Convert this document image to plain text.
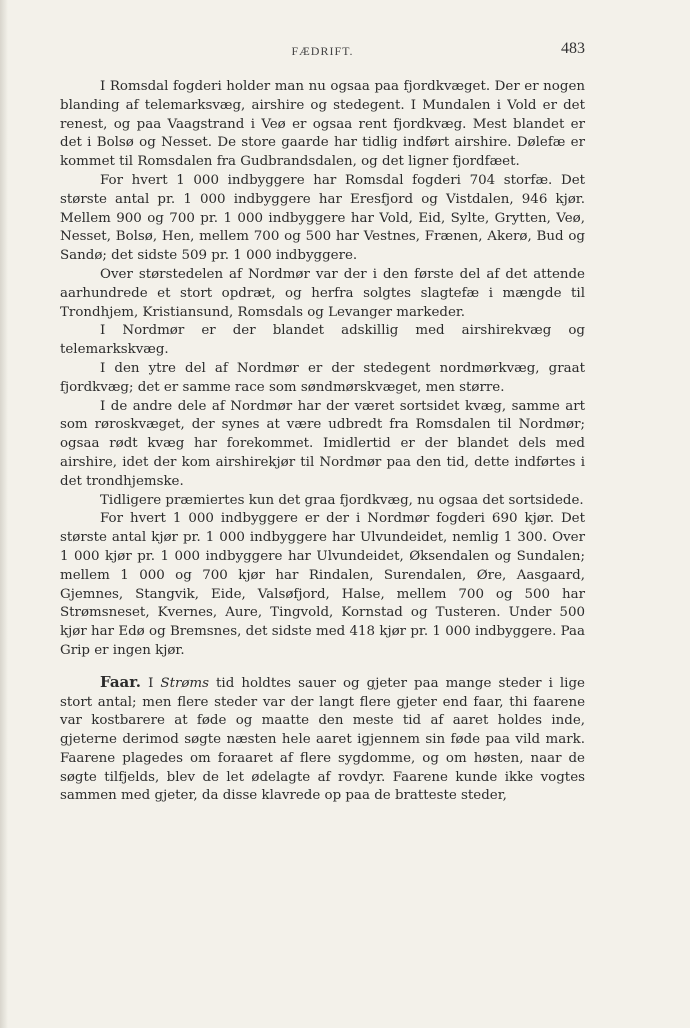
FÆDRIFT.	483

I Romsdal fogderi holder man nu ogsaa paa fjordkvæget. Der er nogen blanding af telemarksvæg, airshire og stedegent. I Mundalen i Vold er det renest, og paa Vaagstrand i Veø er ogsaa rent fjordkvæg. Mest blandet er det i Bolsø og Nesset. De store gaarde har tidlig indført airshire. Dølefæ er kommet til Romsdalen fra Gudbrandsdalen, og det ligner fjordfæet.

For hvert 1 000 indbyggere har Romsdal fogderi 704 storfæ. Det største antal pr. 1 000 indbyggere har Eresfjord og Vistdalen, 946 kjør. Mellem 900 og 700 pr. 1 000 indbyggere har Vold, Eid, Sylte, Grytten, Veø, Nesset, Bolsø, Hen, mellem 700 og 500 har Vestnes, Frænen, Akerø, Bud og Sandø; det sidste 509 pr. 1 000 indbyggere.

Over størstedelen af Nordmør var der i den første del af det attende aarhundrede et stort opdræt, og herfra solgtes slagtefæ i mængde til Trondhjem, Kristiansund, Romsdals og Levanger markeder.

I Nordmør er der blandet adskillig med airshirekvæg og telemarkskvæg.

I den ytre del af Nordmør er der stedegent nordmørkvæg, graat fjordkvæg; det er samme race som søndmørskvæget, men større.

I de andre dele af Nordmør har der været sortsidet kvæg, samme art som røroskvæget, der synes at være udbredt fra Romsdalen til Nordmør; ogsaa rødt kvæg har forekommet. Imidlertid er der blandet dels med airshire, idet der kom airshirekjør til Nordmør paa den tid, dette indførtes i det trondhjemske.

Tidligere præmiertes kun det graa fjordkvæg, nu ogsaa det sortsidede.

For hvert 1 000 indbyggere er der i Nordmør fogderi 690 kjør. Det største antal kjør pr. 1 000 indbyggere har Ulvundeidet, nemlig 1 300. Over 1 000 kjør pr. 1 000 indbyggere har Ulvundeidet, Øksendalen og Sundalen; mellem 1 000 og 700 kjør har Rindalen, Surendalen, Øre, Aasgaard, Gjemnes, Stangvik, Eide, Valsøfjord, Halse, mellem 700 og 500 har Strømsneset, Kvernes, Aure, Tingvold, Kornstad og Tusteren. Under 500 kjør har Edø og Bremsnes, det sidste med 418 kjør pr. 1 000 indbyggere. Paa Grip er ingen kjør.

Faar. I Strøms tid holdtes sauer og gjeter paa mange steder i lige stort antal; men flere steder var der langt flere gjeter end faar, thi faarene var kostbarere at føde og maatte den meste tid af aaret holdes inde, gjeterne derimod søgte næsten hele aaret igjennem sin føde paa vild mark. Faarene plagedes om foraaret af flere sygdomme, og om høsten, naar de søgte tilfjelds, blev de let ødelagte af rovdyr. Faarene kunde ikke vogtes sammen med gjeter, da disse klavrede op paa de bratteste steder,
